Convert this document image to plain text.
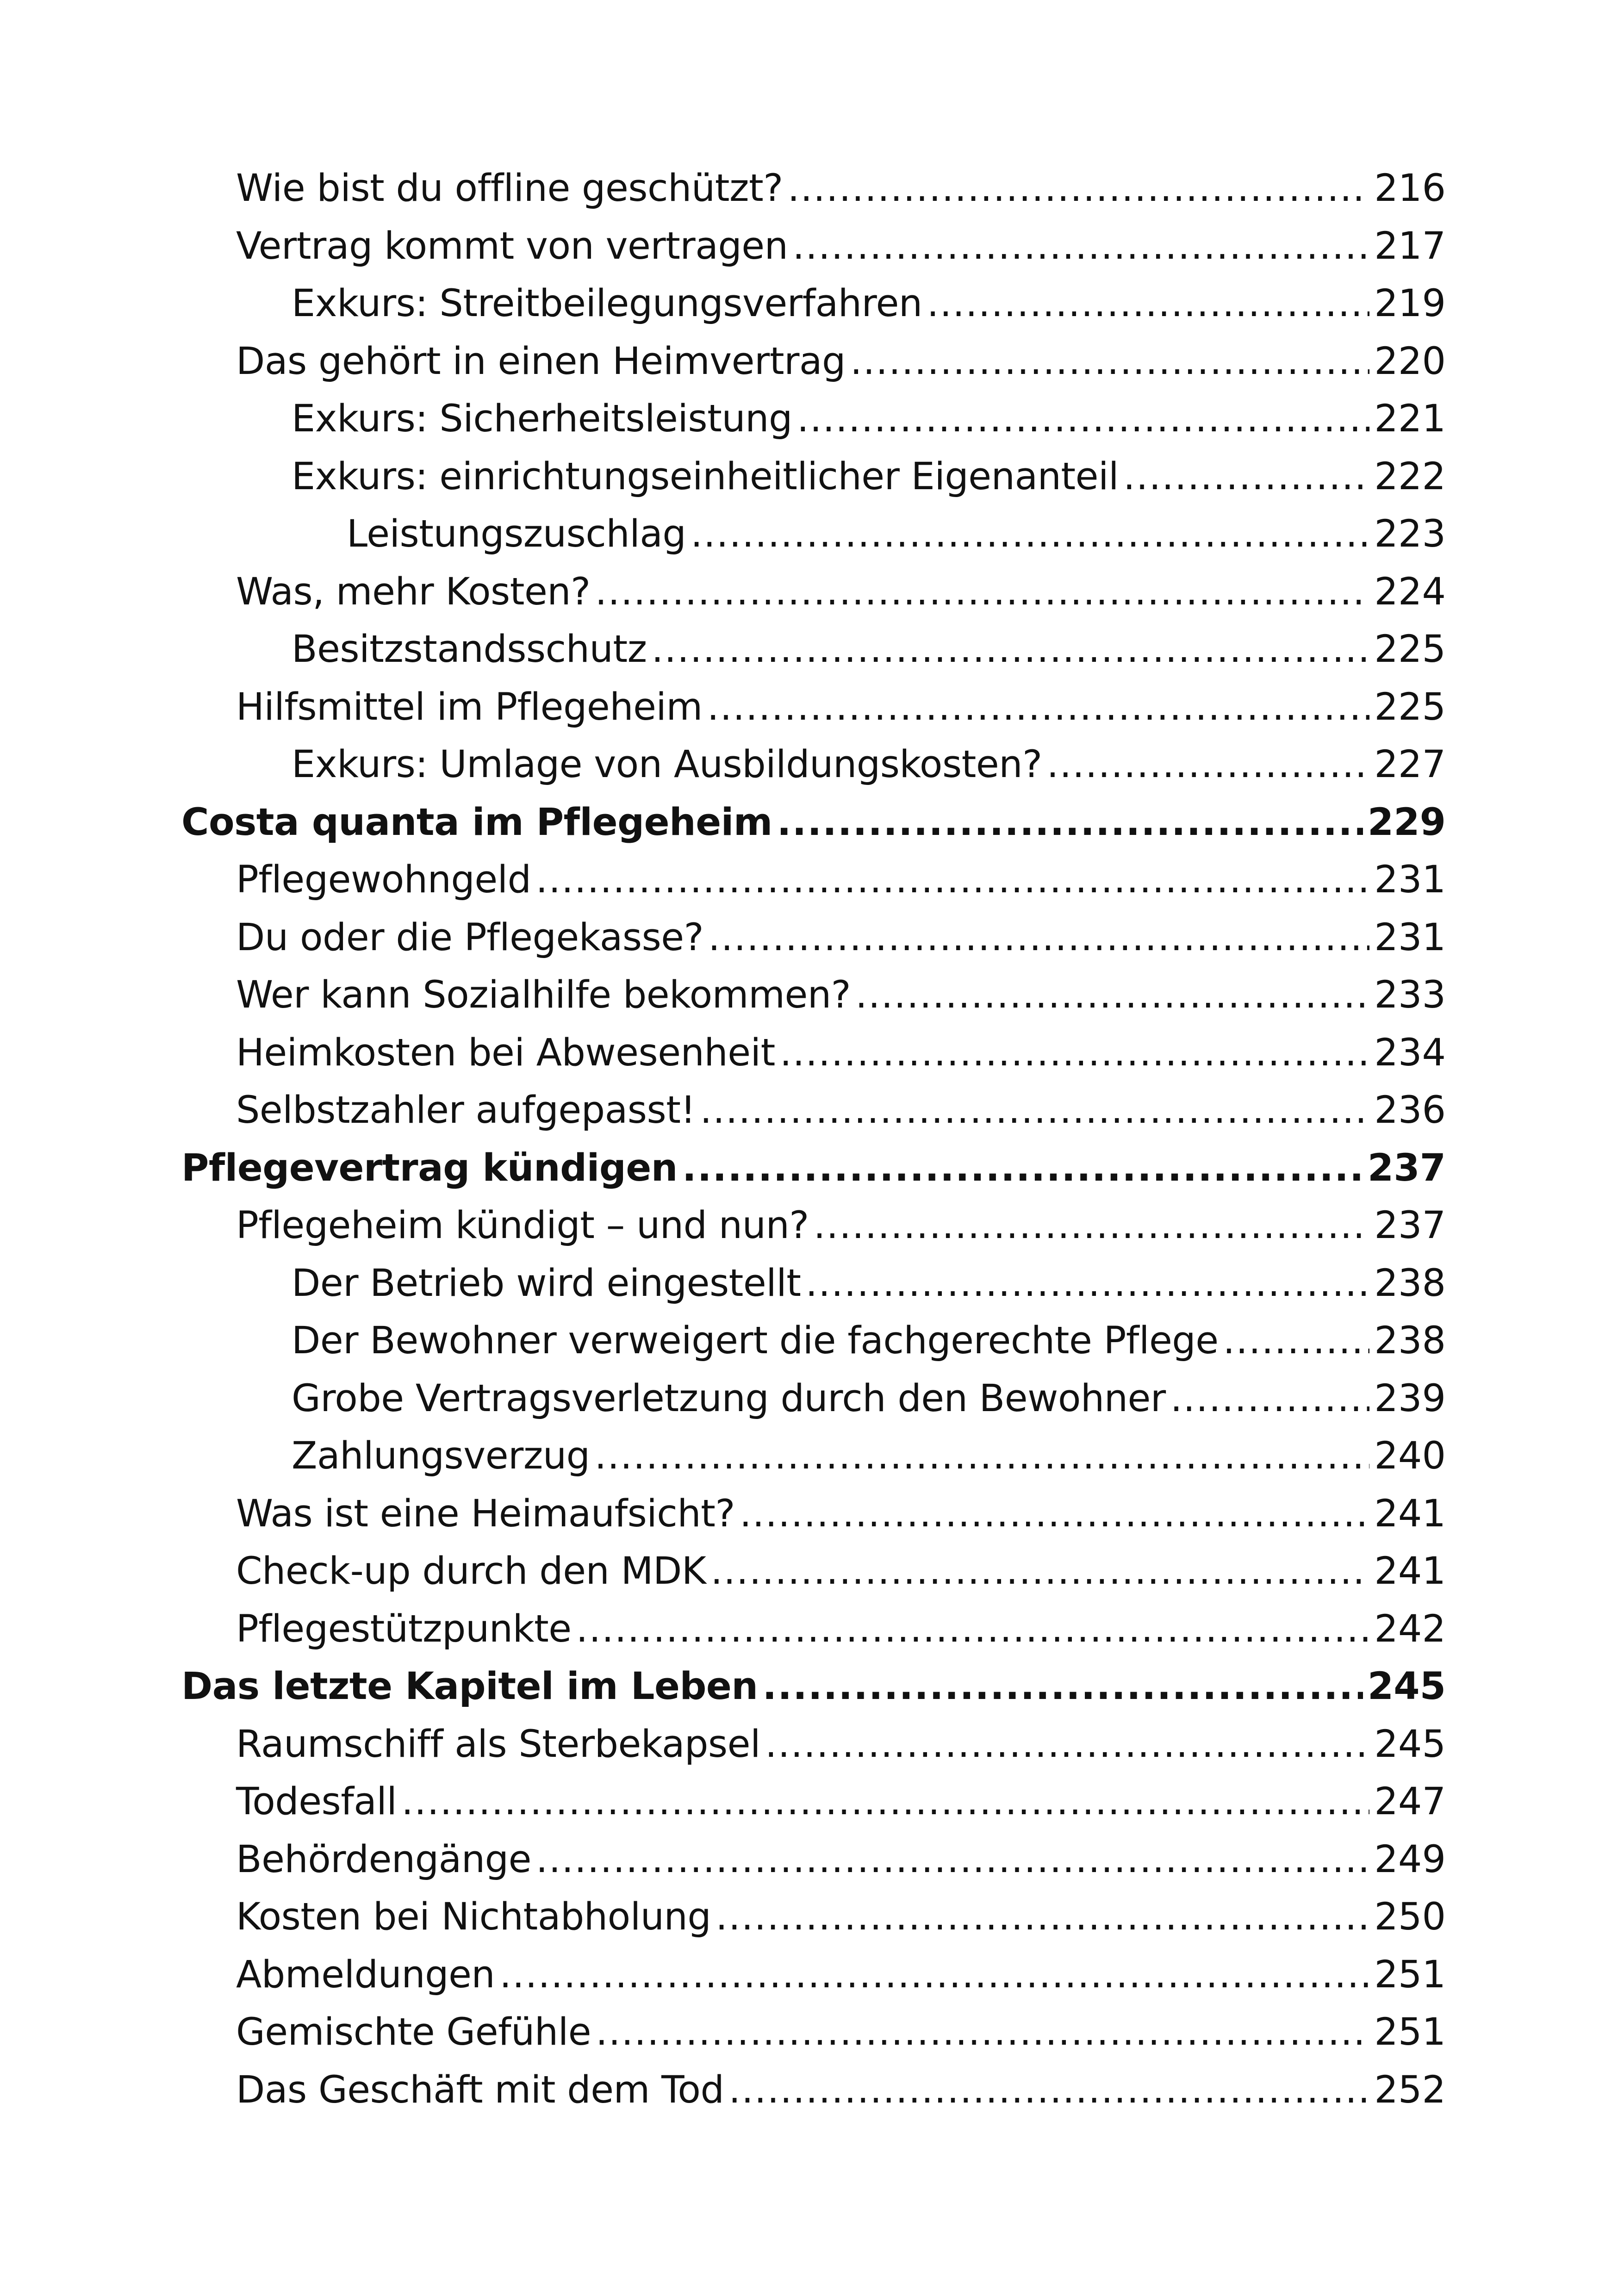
Wie bist du offline geschützt? .....	216
Vertrag kommt von vertragen .....	217
Exkurs: Streitbeilegungsverfahren .....	219
Das gehört in einen Heimvertrag .....	220
Exkurs: Sicherheitsleistung .....	221
Exkurs: einrichtungseinheitlicher Eigenanteil .....	222
Leistungszuschlag .....	223
Was, mehr Kosten? .....	224
Besitzstandsschutz .....	225
Hilfsmittel im Pflegeheim .....	225
Exkurs: Umlage von Ausbildungskosten? .....	227
Costa quanta im Pflegeheim .....	229
Pflegewohngeld .....	231
Du oder die Pflegekasse? .....	231
Wer kann Sozialhilfe bekommen? .....	233
Heimkosten bei Abwesenheit .....	234
Selbstzahler aufgepasst! .....	236
Pflegevertrag kündigen .....	237
Pflegeheim kündigt – und nun? .....	237
Der Betrieb wird eingestellt .....	238
Der Bewohner verweigert die fachgerechte Pflege .....	238
Grobe Vertragsverletzung durch den Bewohner .....	239
Zahlungsverzug .....	240
Was ist eine Heimaufsicht? .....	241
Check-up durch den MDK .....	241
Pflegestützpunkte .....	242
Das letzte Kapitel im Leben .....	245
Raumschiff als Sterbekapsel .....	245
Todesfall .....	247
Behördengänge .....	249
Kosten bei Nichtabholung .....	250
Abmeldungen .....	251
Gemischte Gefühle .....	251
Das Geschäft mit dem Tod .....	252
